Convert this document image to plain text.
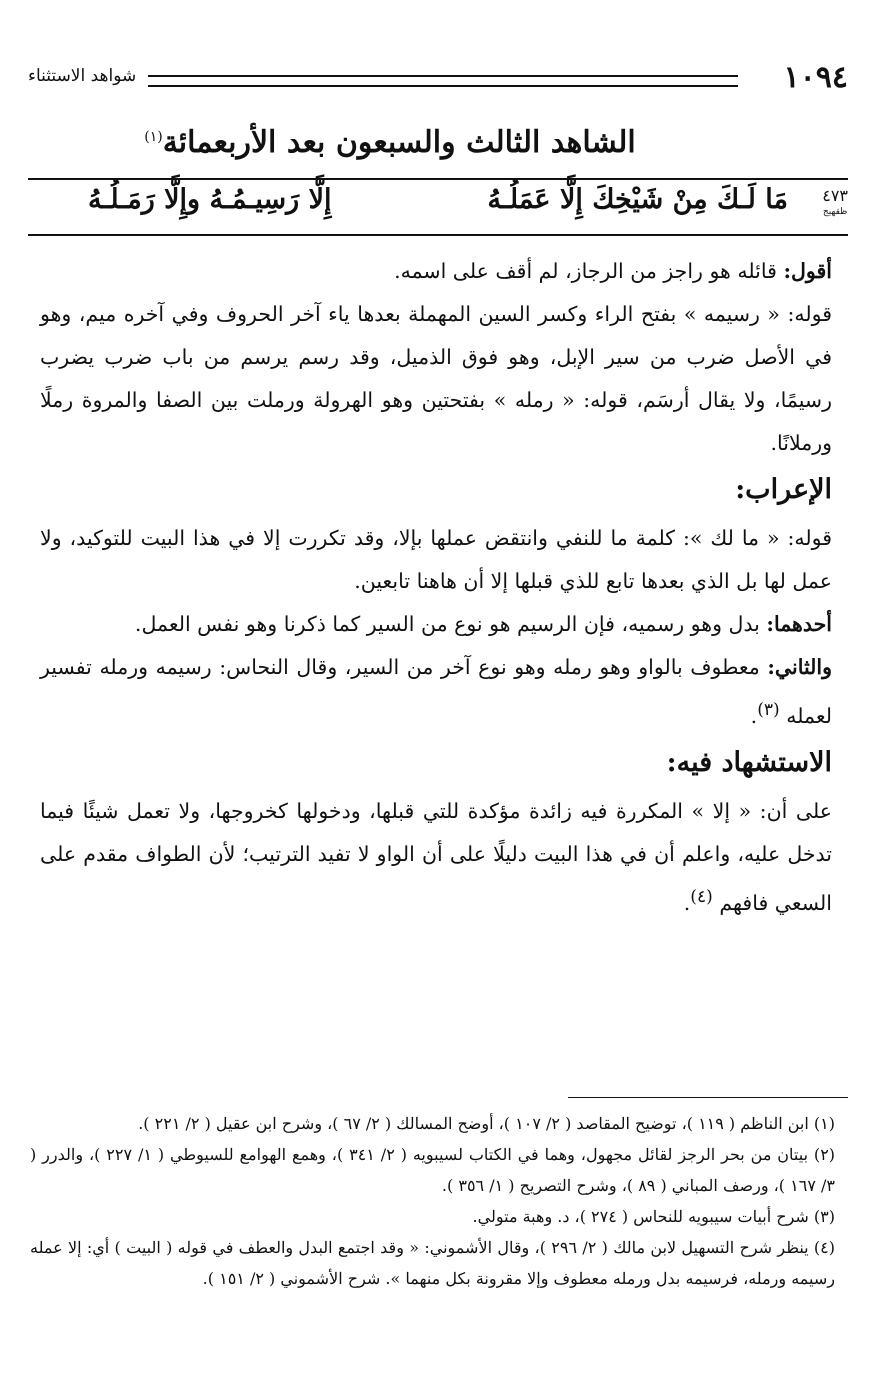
١٠٩٤
شواهد الاستثناء
الشاهد الثالث والسبعون بعد الأربعمائة$^{(١)}$
٤٧٣
ظقهيج
مَا لَـكَ مِنْ شَيْخِكَ إِلَّا عَمَلُـهُ
إِلَّا رَسِيـمُـهُ وإِلَّا رَمَـلُـهُ

أقول: قائله هو راجز من الرجاز، لم أقف على اسمه.

قوله: « رسيمه » بفتح الراء وكسر السين المهملة بعدها ياء آخر الحروف وفي آخره ميم، وهو في الأصل ضرب من سير الإبل، وهو فوق الذميل، وقد رسم يرسم من باب ضرب يضرب رسيمًا، ولا يقال أرسَم، قوله: « رمله » بفتحتين وهو الهرولة ورملت بين الصفا والمروة رملًا ورملانًا.

الإعراب:

قوله: « ما لك »: كلمة ما للنفي وانتقض عملها بإلا، وقد تكررت إلا في هذا البيت للتوكيد، ولا عمل لها بل الذي بعدها تابع للذي قبلها إلا أن هاهنا تابعين.

أحدهما: بدل وهو رسميه، فإن الرسيم هو نوع من السير كما ذكرنا وهو نفس العمل.

والثاني: معطوف بالواو وهو رمله وهو نوع آخر من السير، وقال النحاس: رسيمه ورمله تفسير لعمله $^{(٣)}$.

الاستشهاد فيه:

على أن: « إلا » المكررة فيه زائدة مؤكدة للتي قبلها، ودخولها كخروجها، ولا تعمل شيئًا فيما تدخل عليه، واعلم أن في هذا البيت دليلًا على أن الواو لا تفيد الترتيب؛ لأن الطواف مقدم على السعي فافهم $^{(٤)}$.

(١) ابن الناظم ( ١١٩ )، توضيح المقاصد ( ٢/ ١٠٧ )، أوضح المسالك ( ٢/ ٦٧ )، وشرح ابن عقيل ( ٢/ ٢٢١ ).

(٢) بيتان من بحر الرجز لقائل مجهول، وهما في الكتاب لسيبويه ( ٢/ ٣٤١ )، وهمع الهوامع للسيوطي ( ١/ ٢٢٧ )، والدرر ( ٣/ ١٦٧ )، ورصف المباني ( ٨٩ )، وشرح التصريح ( ١/ ٣٥٦ ).

(٣) شرح أبيات سيبويه للنحاس ( ٢٧٤ )، د. وهبة متولي.

(٤) ينظر شرح التسهيل لابن مالك ( ٢/ ٢٩٦ )، وقال الأشموني: « وقد اجتمع البدل والعطف في قوله ( البيت ) أي: إلا عمله رسيمه ورمله، فرسيمه بدل ورمله معطوف وإلا مقرونة بكل منهما ». شرح الأشموني ( ٢/ ١٥١ ).
